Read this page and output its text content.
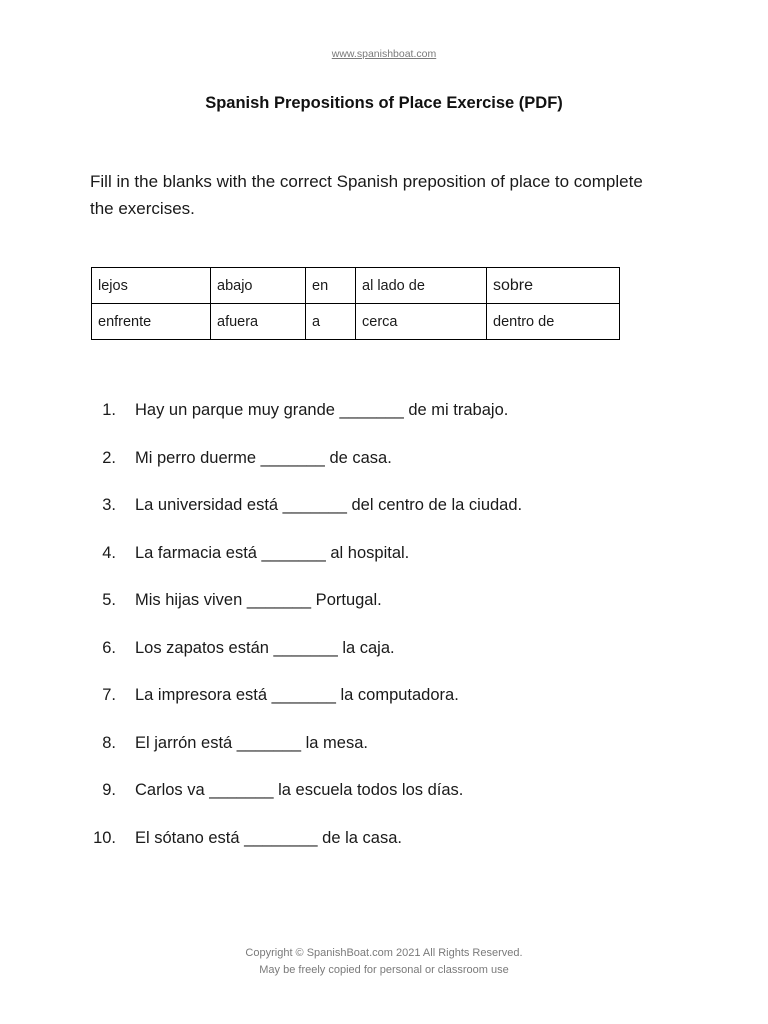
www.spanishboat.com
Spanish Prepositions of Place Exercise (PDF)
Fill in the blanks with the correct Spanish preposition of place to complete the exercises.
lejos	abajo	en	al lado de	sobre
enfrente	afuera	a	cerca	dentro de
1. Hay un parque muy grande _______ de mi trabajo.
2. Mi perro duerme _______ de casa.
3. La universidad está _______ del centro de la ciudad.
4. La farmacia está _______ al hospital.
5. Mis hijas viven _______ Portugal.
6. Los zapatos están _______ la caja.
7. La impresora está _______ la computadora.
8. El jarrón está _______ la mesa.
9. Carlos va _______ la escuela todos los días.
10. El sótano está ________ de la casa.
Copyright © SpanishBoat.com 2021 All Rights Reserved.
May be freely copied for personal or classroom use
